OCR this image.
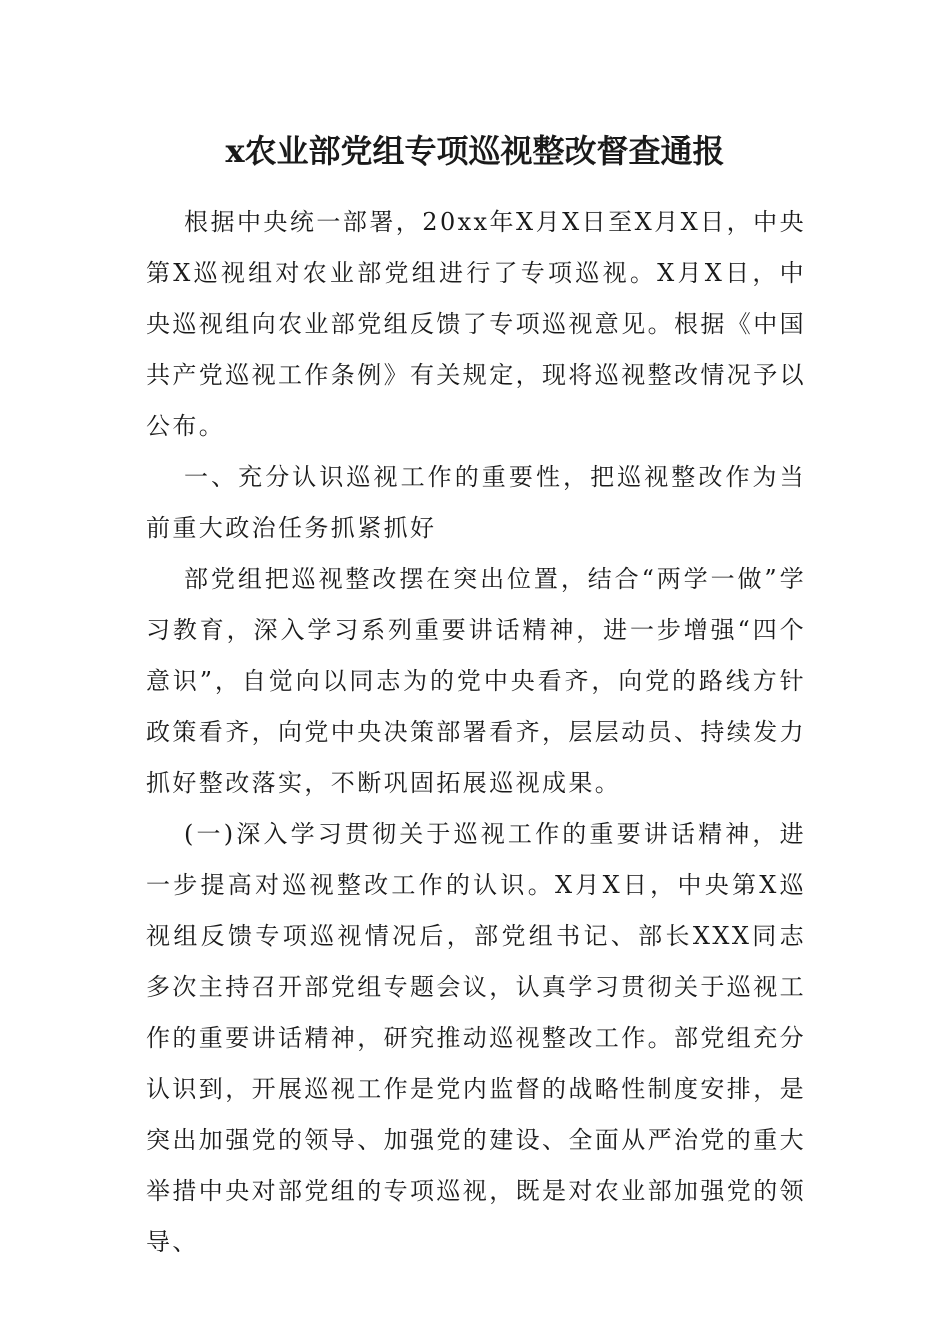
x农业部党组专项巡视整改督查通报

根据中央统一部署，20xx年X月X日至X月X日，中央第X巡视组对农业部党组进行了专项巡视。X月X日，中央巡视组向农业部党组反馈了专项巡视意见。根据《中国共产党巡视工作条例》有关规定，现将巡视整改情况予以公布。

一、充分认识巡视工作的重要性，把巡视整改作为当前重大政治任务抓紧抓好

部党组把巡视整改摆在突出位置，结合“两学一做”学习教育，深入学习系列重要讲话精神，进一步增强“四个意识”，自觉向以同志为的党中央看齐，向党的路线方针政策看齐，向党中央决策部署看齐，层层动员、持续发力抓好整改落实，不断巩固拓展巡视成果。

(一)深入学习贯彻关于巡视工作的重要讲话精神，进一步提高对巡视整改工作的认识。X月X日，中央第X巡视组反馈专项巡视情况后，部党组书记、部长XXX同志多次主持召开部党组专题会议，认真学习贯彻关于巡视工作的重要讲话精神，研究推动巡视整改工作。部党组充分认识到，开展巡视工作是党内监督的战略性制度安排，是突出加强党的领导、加强党的建设、全面从严治党的重大举措中央对部党组的专项巡视，既是对农业部加强党的领导、
